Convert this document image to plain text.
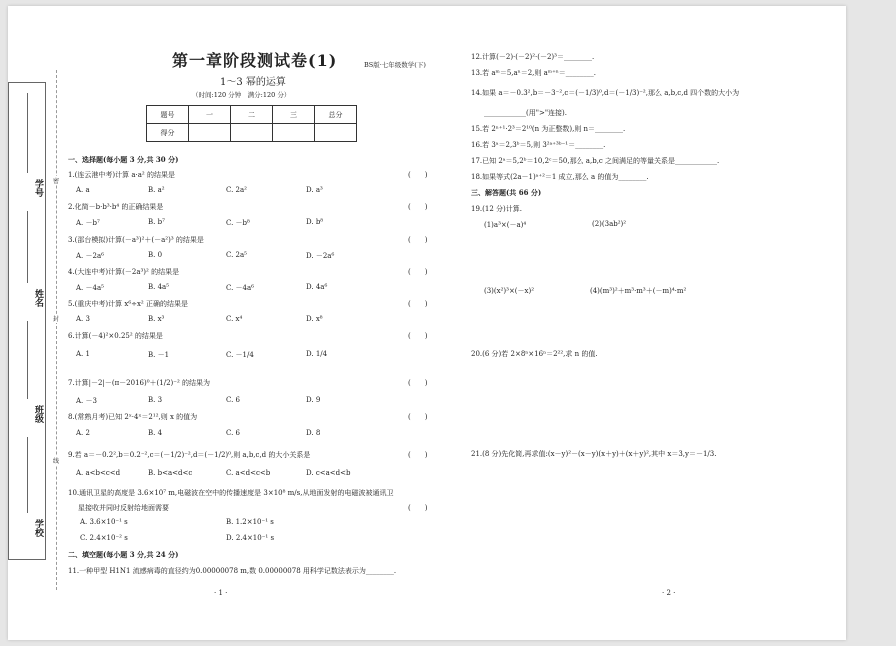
学号
姓名
班级
学校
密
封
线
第一章阶段测试卷(1)	BS版·七年级数学(下)
1～3 幂的运算
（时间:120 分钟　满分:120 分）
题号	一	二	三	总分
得分				
一、选择题(每小题 3 分,共 30 分)
1.(连云港中考)计算 a·a² 的结果是	(　　)
A. a	B. a²	C. 2a²	D. a³
2.化简－b·b³·b⁴ 的正确结果是	(　　)
A. －b⁷	B. b⁷	C. －b⁸	D. b⁸
3.(邵台模拟)计算(－a³)²＋(－a²)³ 的结果是	(　　)
A. －2a⁶	B. 0	C. 2a⁵	D. －2a⁶
4.(大连中考)计算(－2a³)² 的结果是	(　　)
A. －4a⁵	B. 4a⁵	C. －4a⁶	D. 4a⁶
5.(重庆中考)计算 x⁶÷x² 正确的结果是	(　　)
A. 3	B. x³	C. x⁴	D. x⁸
6.计算(－4)²×0.25² 的结果是	(　　)
A. 1	B. －1	C. －1/4	D. 1/4
7.计算|－2|－(π－2016)⁰＋(1/2)⁻² 的结果为	(　　)
A. －3	B. 3	C. 6	D. 9
8.(常熟月考)已知 2ˣ·4ˣ＝2¹²,则 x 的值为	(　　)
A. 2	B. 4	C. 6	D. 8
9.若 a＝－0.2²,b＝0.2⁻²,c＝(－1/2)⁻²,d＝(－1/2)⁰,则 a,b,c,d 的大小关系是	(　　)
A. a<b<c<d	B. b<a<d<c	C. a<d<c<b	D. c<a<d<b
10.通讯卫星的高度是 3.6×10⁷ m,电磁波在空中的传播速度是 3×10⁸ m/s,从地面发射的电磁波被通讯卫
星接收并同时反射给地面需要	(　　)
A. 3.6×10⁻¹ s	B. 1.2×10⁻¹ s
C. 2.4×10⁻² s	D. 2.4×10⁻¹ s
二、填空题(每小题 3 分,共 24 分)
11.一种甲型 H1N1 流感病毒的直径约为0.00000078 m,数 0.00000078 用科学记数法表示为________.
· 1 ·
12.计算(－2)·(－2)²·(－2)³＝________.
13.若 aᵐ＝5,aⁿ＝2,则 aᵐ⁺ⁿ＝________.
14.如果 a＝－0.3²,b＝－3⁻²,c＝(－1/3)⁰,d＝(－1/3)⁻²,那么 a,b,c,d 四个数的大小为
____________(用">"连接).
15.若 2ⁿ⁺¹·2³＝2¹⁰(n 为正整数),则 n＝________.
16.若 3ᵃ＝2,3ᵇ＝5,则 3²ᵃ⁺³ᵇ⁻¹＝________.
17.已知 2ᵃ＝5,2ᵇ＝10,2ᶜ＝50,那么 a,b,c 之间满足的等量关系是____________.
18.如果等式(2a－1)ᵃ⁺²＝1 成立,那么 a 的值为________.
三、解答题(共 66 分)
19.(12 分)计算.
(1)a³×(－a)⁴	(2)(3ab²)²
(3)(x²)³×(－x)²	(4)(m³)²＋m³·m³＋(－m)⁴·m²
20.(6 分)若 2×8ⁿ×16ⁿ＝2²²,求 n 的值.
21.(8 分)先化简,再求值:(x－y)²－(x－y)(x＋y)＋(x＋y)²,其中 x＝3,y＝－1/3.
· 2 ·
